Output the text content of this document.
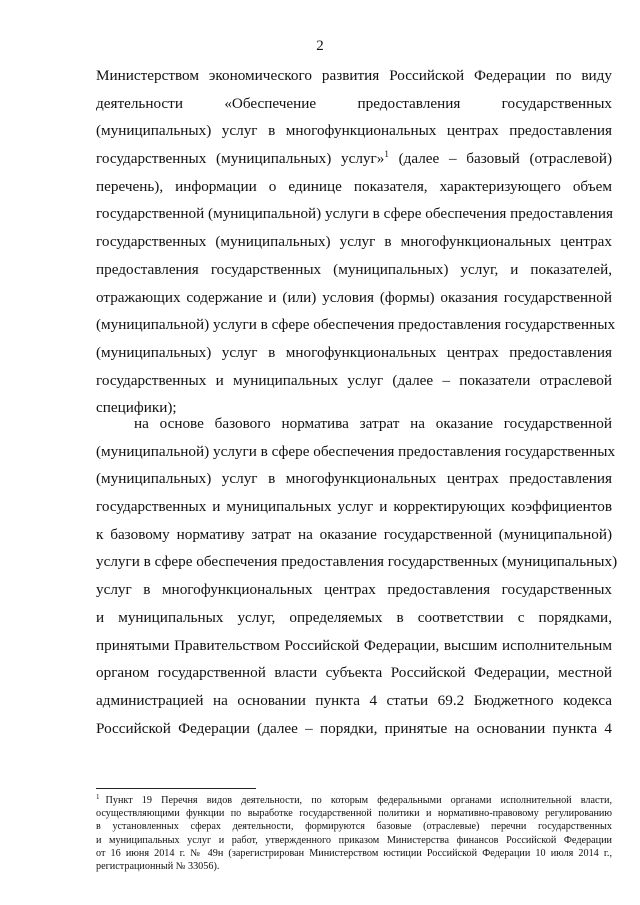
2
Министерством экономического развития Российской Федерации по виду
деятельности «Обеспечение предоставления государственных
(муниципальных) услуг в многофункциональных центрах предоставления
государственных (муниципальных) услуг»$^1$ (далее – базовый (отраслевой)
перечень), информации о единице показателя, характеризующего объем
государственной (муниципальной) услуги в сфере обеспечения предоставления
государственных (муниципальных) услуг в многофункциональных центрах
предоставления государственных (муниципальных) услуг, и показателей,
отражающих содержание и (или) условия (формы) оказания государственной
(муниципальной) услуги в сфере обеспечения предоставления государственных
(муниципальных) услуг в многофункциональных центрах предоставления
государственных и муниципальных услуг (далее – показатели отраслевой
специфики);
на основе базового норматива затрат на оказание государственной
(муниципальной) услуги в сфере обеспечения предоставления государственных
(муниципальных) услуг в многофункциональных центрах предоставления
государственных и муниципальных услуг и корректирующих коэффициентов
к базовому нормативу затрат на оказание государственной (муниципальной)
услуги в сфере обеспечения предоставления государственных (муниципальных)
услуг в многофункциональных центрах предоставления государственных
и муниципальных услуг, определяемых в соответствии с порядками,
принятыми Правительством Российской Федерации, высшим исполнительным
органом государственной власти субъекта Российской Федерации, местной
администрацией на основании пункта 4 статьи 69.2 Бюджетного кодекса
Российской Федерации (далее – порядки, принятые на основании пункта 4
$^1$ Пункт 19 Перечня видов деятельности, по которым федеральными органами исполнительной власти,
осуществляющими функции по выработке государственной политики и нормативно-правовому регулированию
в установленных сферах деятельности, формируются базовые (отраслевые) перечни государственных
и муниципальных услуг и работ, утвержденного приказом Министерства финансов Российской Федерации
от 16 июня 2014 г. № 49н (зарегистрирован Министерством юстиции Российской Федерации 10 июля 2014 г.,
регистрационный № 33056).
